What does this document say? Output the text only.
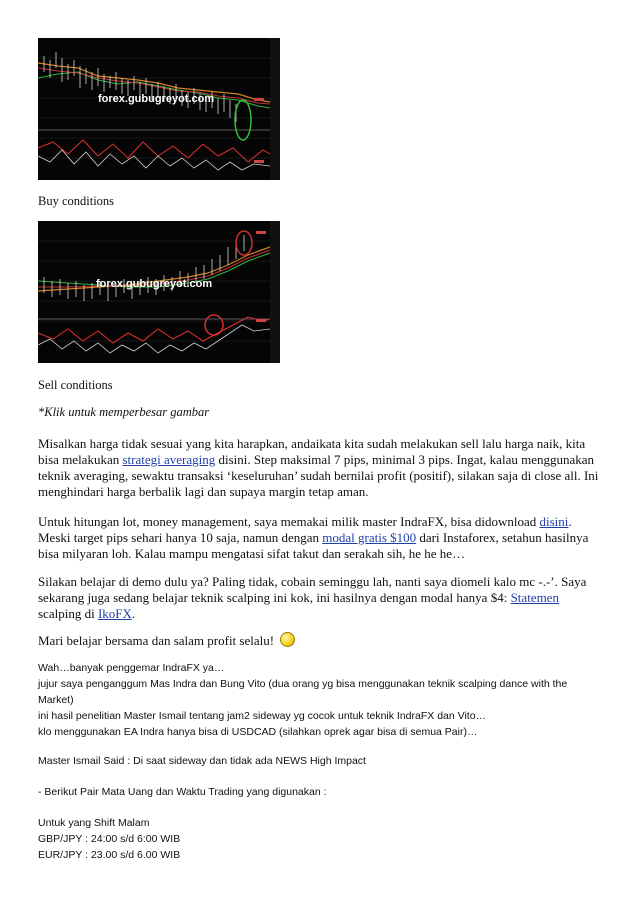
forex.gubugreyot.com
Buy conditions
forex.gubugreyot.com
Sell conditions
*Klik untuk memperbesar gambar
Misalkan harga tidak sesuai yang kita harapkan, andaikata kita sudah melakukan sell lalu harga naik, kita
bisa melakukan strategi averaging disini. Step maksimal 7 pips, minimal 3 pips. Ingat, kalau menggunakan
teknik averaging, sewaktu transaksi ‘keseluruhan’ sudah bernilai profit (positif), silakan saja di close all. Ini
menghindari harga berbalik lagi dan supaya margin tetap aman.
Untuk hitungan lot, money management, saya memakai milik master IndraFX, bisa didownload disini.
Meski target pips sehari hanya 10 saja, namun dengan modal gratis $100 dari Instaforex, setahun hasilnya
bisa milyaran loh. Kalau mampu mengatasi sifat takut dan serakah sih, he he he…
Silakan belajar di demo dulu ya? Paling tidak, cobain seminggu lah, nanti saya diomeli kalo mc -.-’. Saya
sekarang juga sedang belajar teknik scalping ini kok, ini hasilnya dengan modal hanya $4: Statemen
scalping di IkoFX.
Mari belajar bersama dan salam profit selalu!
Wah…banyak penggemar IndraFX ya…
jujur saya penganggum Mas Indra dan Bung Vito (dua orang yg bisa menggunakan teknik scalping dance with the
Market)
ini hasil penelitian Master Ismail tentang jam2 sideway yg cocok untuk teknik IndraFX dan Vito…
klo menggunakan EA Indra hanya bisa di USDCAD (silahkan oprek agar bisa di semua Pair)…
Master Ismail Said : Di saat sideway dan tidak ada NEWS High Impact
- Berikut Pair Mata Uang dan Waktu Trading yang digunakan :
Untuk yang Shift Malam
GBP/JPY : 24:00 s/d 6:00 WIB
EUR/JPY : 23.00 s/d 6.00 WIB
